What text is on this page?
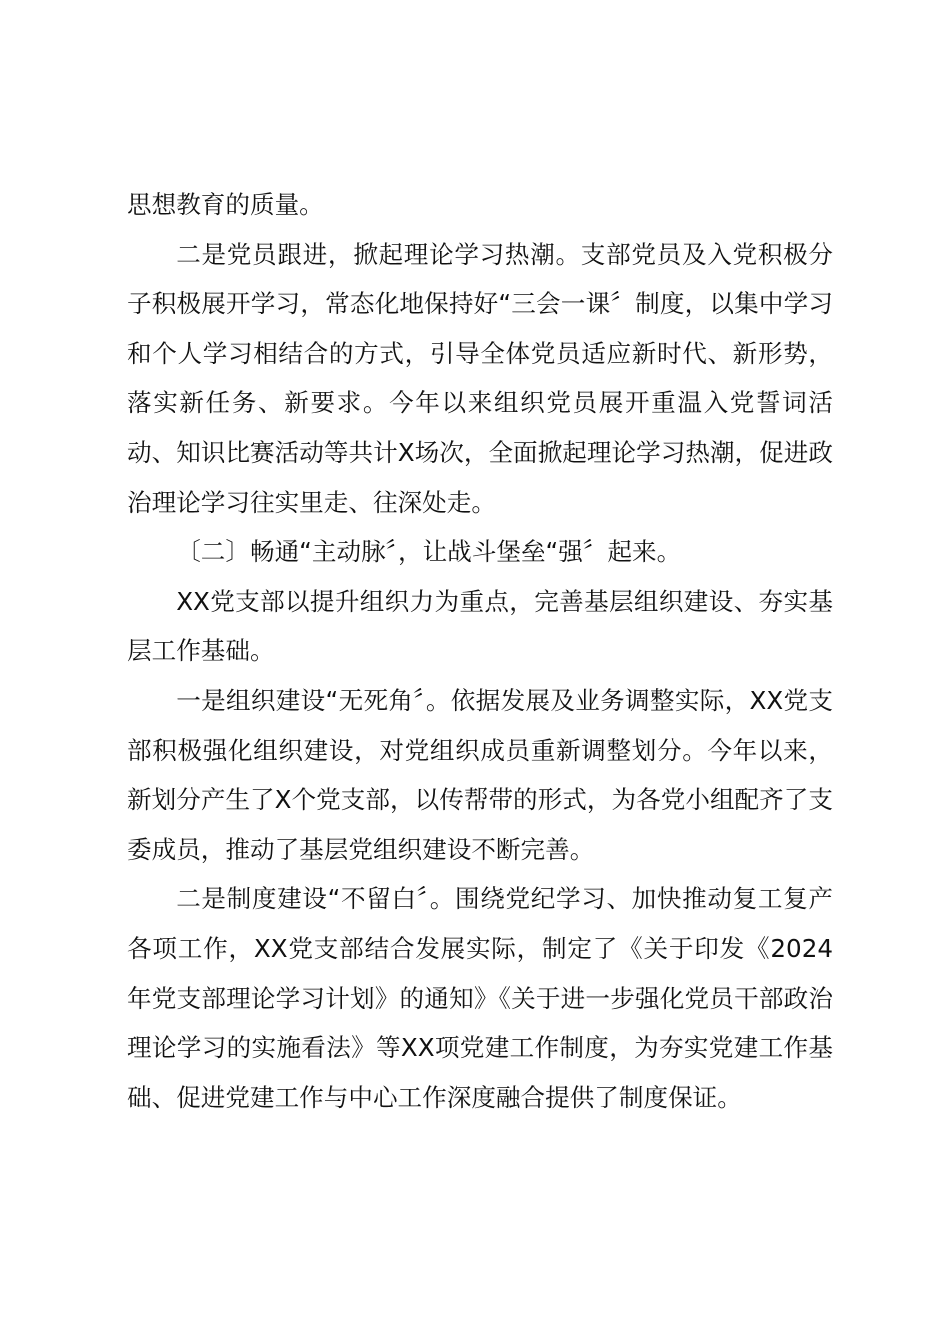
思想教育的质量。

二是党员跟进，掀起理论学习热潮。支部党员及入党积极分子积极展开学习，常态化地保持好“三会一课〞制度，以集中学习和个人学习相结合的方式，引导全体党员适应新时代、新形势，落实新任务、新要求。今年以来组织党员展开重温入党誓词活动、知识比赛活动等共计X场次，全面掀起理论学习热潮，促进政治理论学习往实里走、往深处走。

〔二〕畅通“主动脉〞，让战斗堡垒“强〞起来。

XX党支部以提升组织力为重点，完善基层组织建设、夯实基层工作基础。

一是组织建设“无死角〞。依据发展及业务调整实际，XX党支部积极强化组织建设，对党组织成员重新调整划分。今年以来，新划分产生了X个党支部，以传帮带的形式，为各党小组配齐了支委成员，推动了基层党组织建设不断完善。

二是制度建设“不留白〞。围绕党纪学习、加快推动复工复产各项工作，XX党支部结合发展实际，制定了《关于印发《2024年党支部理论学习计划》的通知》《关于进一步强化党员干部政治理论学习的实施看法》等XX项党建工作制度，为夯实党建工作基础、促进党建工作与中心工作深度融合提供了制度保证。
